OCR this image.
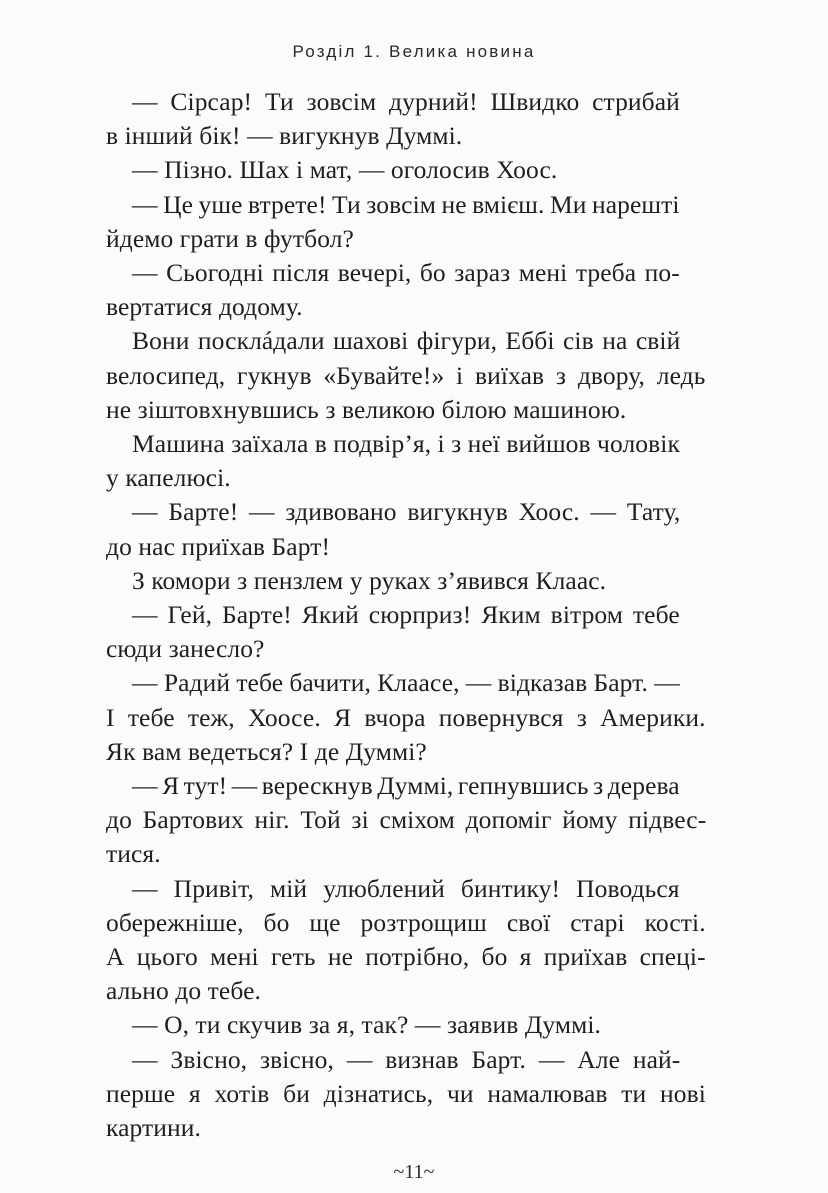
Розділ 1. Велика новина

— Сірсар! Ти зовсім дурний! Швидко стрибай
в інший бік! — вигукнув Думмі.

— Пізно. Шах і мат, — оголосив Хоос.

— Це уше втрете! Ти зовсім не вмієш. Ми нарешті
йдемо грати в футбол?

— Сьогодні після вечері, бо зараз мені треба по-
вертатися додому.

Вони посклáдали шахові фігури, Еббі сів на свій
велосипед, гукнув «Бувайте!» і виїхав з двору, ледь
не зіштовхнувшись з великою білою машиною.

Машина заїхала в подвір’я, і з неї вийшов чоловік
у капелюсі.

— Барте! — здивовано вигукнув Хоос. — Тату,
до нас приїхав Барт!

З комори з пензлем у руках з’явився Клаас.

— Гей, Барте! Який сюрприз! Яким вітром тебе
сюди занесло?

— Радий тебе бачити, Клаасе, — відказав Барт. —
І тебе теж, Хоосе. Я вчора повернувся з Америки.
Як вам ведеться? І де Думмі?

— Я тут! — верескнув Думмі, гепнувшись з дерева
до Бартових ніг. Той зі сміхом допоміг йому підвес-
тися.

— Привіт, мій улюблений бинтику! Поводься
обережніше, бо ще розтрощиш свої старі кості.
А цього мені геть не потрібно, бо я приїхав спеці-
ально до тебе.

— О, ти скучив за я, так? — заявив Думмі.

— Звісно, звісно, — визнав Барт. — Але най-
перше я хотів би дізнатись, чи намалював ти нові
картини.

~11~
